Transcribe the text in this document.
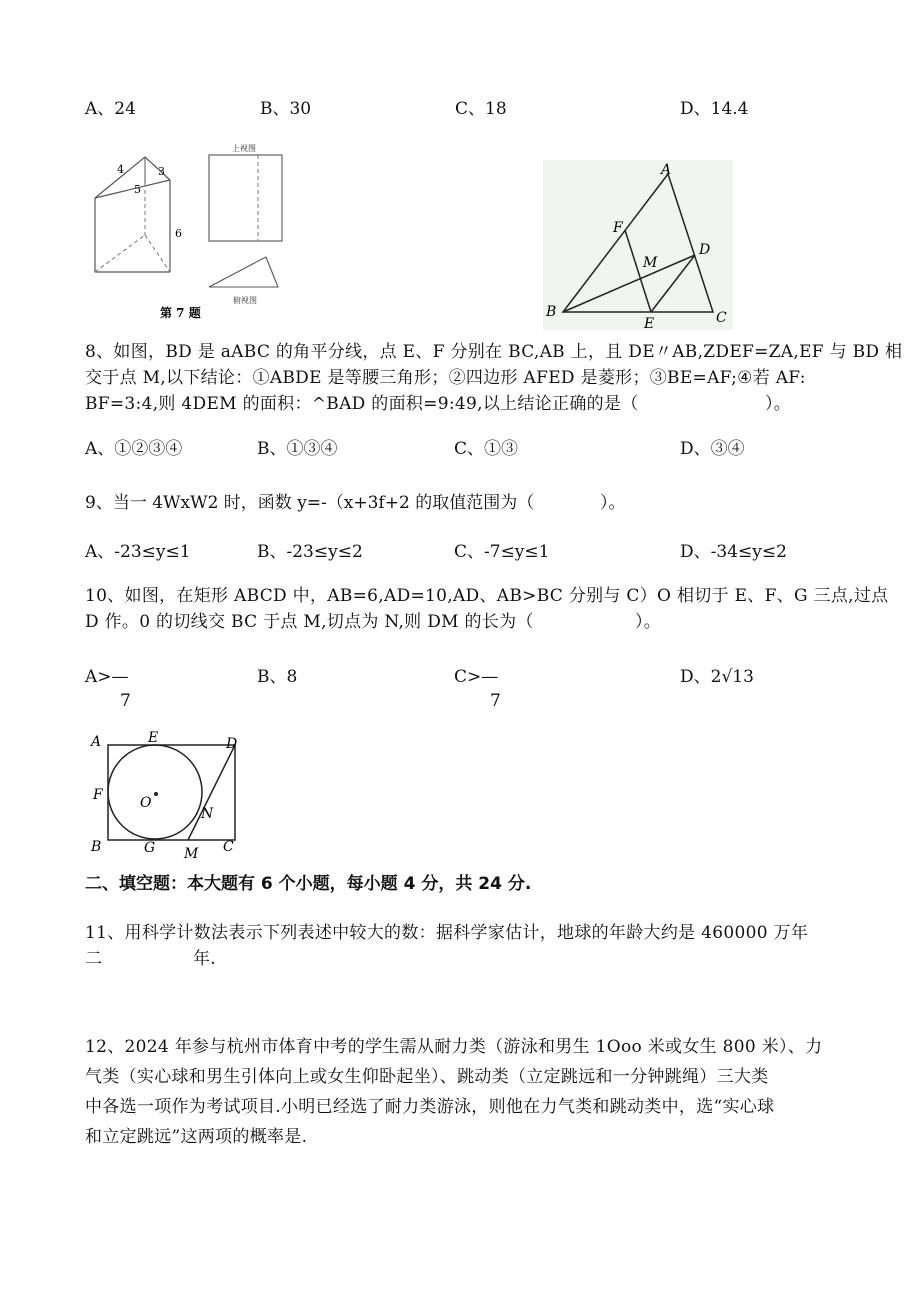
A、24	B、30	C、18	D、14.4
4	3
5
6
上视图
俯视图
第 7 题
A
F
M
D
B
E	C
8、如图，BD 是 aABC 的角平分线，点 E、F 分别在 BC,AB 上，且 DE〃AB,ZDEF=ZA,EF 与 BD 相
交于点 M,以下结论：①ABDE 是等腰三角形；②四边形 AFED 是菱形；③BE=AF;④若 AF:
BF=3:4,则 4DEM 的面积：^BAD 的面积=9:49,以上结论正确的是（	）。
A、①②③④	B、①③④	C、①③	D、③④
9、当一 4WxW2 时，函数 y=-（x+3f+2 的取值范围为（	）。
A、-23≤y≤1	B、-23≤y≤2	C、-7≤y≤1	D、-34≤y≤2
10、如图，在矩形 ABCD 中，AB=6,AD=10,AD、AB>BC 分别与 C）O 相切于 E、F、G 三点,过点
D 作。0 的切线交 BC 于点 M,切点为 N,则 DM 的长为（	）。
A>—
7
B、8	C>—
7
D、2√13
A	E	D
F	O
N
B	G M C
二、填空题：本大题有 6 个小题，每小题 4 分，共 24 分.
11、用科学计数法表示下列表述中较大的数：据科学家估计，地球的年龄大约是 460000 万年
二	年.
12、2024 年参与杭州市体育中考的学生需从耐力类（游泳和男生 1Ooo 米或女生 800 米）、力
气类（实心球和男生引体向上或女生仰卧起坐）、跳动类（立定跳远和一分钟跳绳）三大类
中各选一项作为考试项目.小明已经选了耐力类游泳，则他在力气类和跳动类中，选“实心球
和立定跳远”这两项的概率是.
